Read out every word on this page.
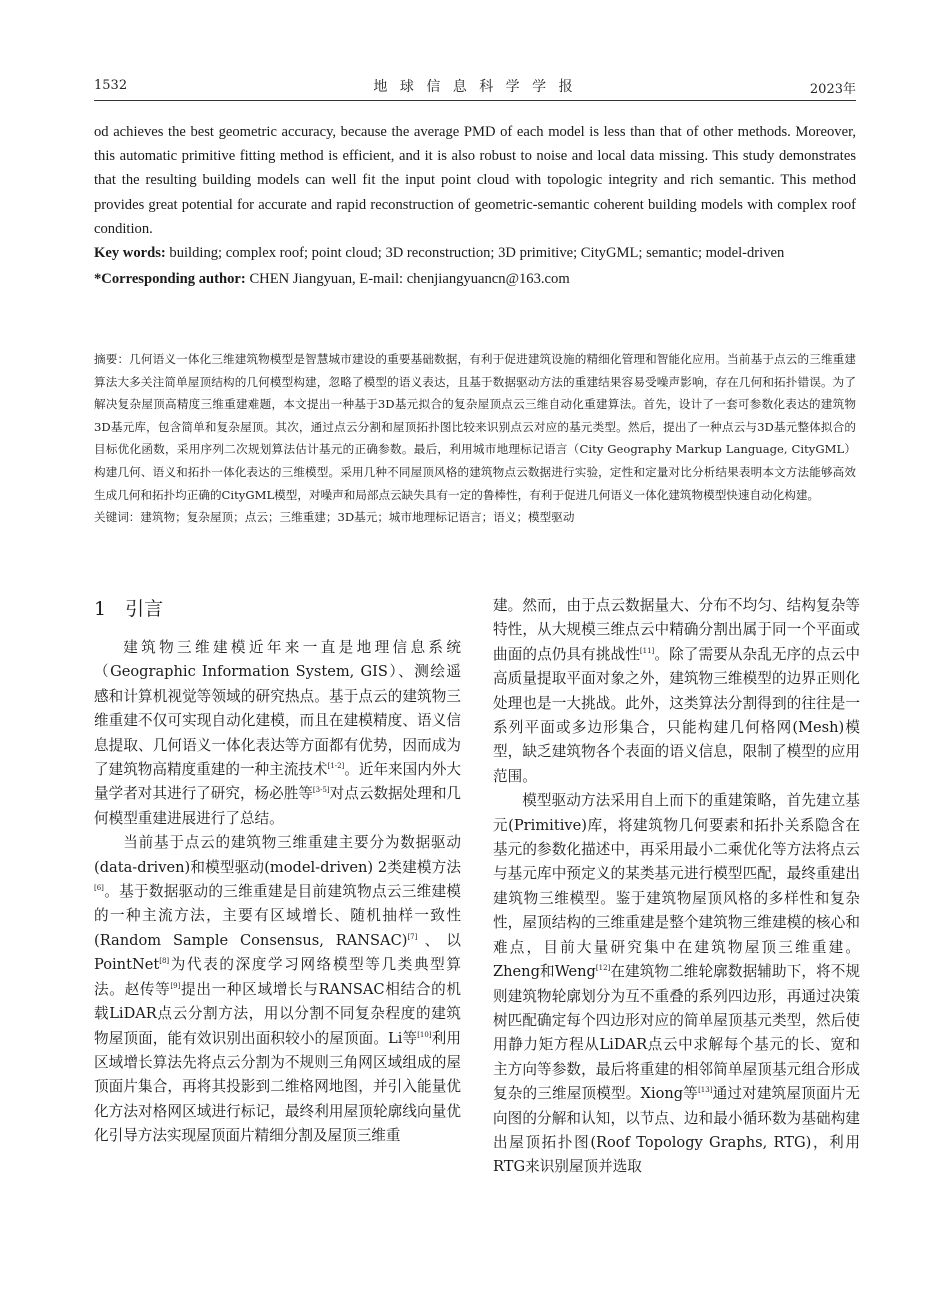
1532	地 球 信 息 科 学 学 报	2023年

od achieves the best geometric accuracy, because the average PMD of each model is less than that of other methods. Moreover, this automatic primitive fitting method is efficient, and it is also robust to noise and local data missing. This study demonstrates that the resulting building models can well fit the input point cloud with topologic integrity and rich semantic. This method provides great potential for accurate and rapid reconstruction of geometric-semantic coherent building models with complex roof condition.

Key words: building; complex roof; point cloud; 3D reconstruction; 3D primitive; CityGML; semantic; model-driven

*Corresponding author: CHEN Jiangyuan, E-mail: chenjiangyuancn@163.com

摘要：几何语义一体化三维建筑物模型是智慧城市建设的重要基础数据，有利于促进建筑设施的精细化管理和智能化应用。当前基于点云的三维重建算法大多关注简单屋顶结构的几何模型构建，忽略了模型的语义表达，且基于数据驱动方法的重建结果容易受噪声影响，存在几何和拓扑错误。为了解决复杂屋顶高精度三维重建难题，本文提出一种基于3D基元拟合的复杂屋顶点云三维自动化重建算法。首先，设计了一套可参数化表达的建筑物3D基元库，包含简单和复杂屋顶。其次，通过点云分割和屋顶拓扑图比较来识别点云对应的基元类型。然后，提出了一种点云与3D基元整体拟合的目标优化函数，采用序列二次规划算法估计基元的正确参数。最后，利用城市地理标记语言（City Geography Markup Language, CityGML）构建几何、语义和拓扑一体化表达的三维模型。采用几种不同屋顶风格的建筑物点云数据进行实验，定性和定量对比分析结果表明本文方法能够高效生成几何和拓扑均正确的CityGML模型，对噪声和局部点云缺失具有一定的鲁棒性，有利于促进几何语义一体化建筑物模型快速自动化构建。

关键词：建筑物；复杂屋顶；点云；三维重建；3D基元；城市地理标记语言；语义；模型驱动

1　引言

建筑物三维建模近年来一直是地理信息系统（Geographic Information System, GIS）、测绘遥感和计算机视觉等领域的研究热点。基于点云的建筑物三维重建不仅可实现自动化建模，而且在建模精度、语义信息提取、几何语义一体化表达等方面都有优势，因而成为了建筑物高精度重建的一种主流技术[1-2]。近年来国内外大量学者对其进行了研究，杨必胜等[3-5]对点云数据处理和几何模型重建进展进行了总结。

当前基于点云的建筑物三维重建主要分为数据驱动(data-driven)和模型驱动(model-driven) 2类建模方法[6]。基于数据驱动的三维重建是目前建筑物点云三维建模的一种主流方法，主要有区域增长、随机抽样一致性 (Random Sample Consensus, RANSAC)[7]、以PointNet[8]为代表的深度学习网络模型等几类典型算法。赵传等[9]提出一种区域增长与RANSAC相结合的机载LiDAR点云分割方法，用以分割不同复杂程度的建筑物屋顶面，能有效识别出面积较小的屋顶面。Li等[10]利用区域增长算法先将点云分割为不规则三角网区域组成的屋顶面片集合，再将其投影到二维格网地图，并引入能量优化方法对格网区域进行标记，最终利用屋顶轮廓线向量优化引导方法实现屋顶面片精细分割及屋顶三维重

建。然而，由于点云数据量大、分布不均匀、结构复杂等特性，从大规模三维点云中精确分割出属于同一个平面或曲面的点仍具有挑战性[11]。除了需要从杂乱无序的点云中高质量提取平面对象之外，建筑物三维模型的边界正则化处理也是一大挑战。此外，这类算法分割得到的往往是一系列平面或多边形集合，只能构建几何格网(Mesh)模型，缺乏建筑物各个表面的语义信息，限制了模型的应用范围。

模型驱动方法采用自上而下的重建策略，首先建立基元(Primitive)库，将建筑物几何要素和拓扑关系隐含在基元的参数化描述中，再采用最小二乘优化等方法将点云与基元库中预定义的某类基元进行模型匹配，最终重建出建筑物三维模型。鉴于建筑物屋顶风格的多样性和复杂性，屋顶结构的三维重建是整个建筑物三维建模的核心和难点，目前大量研究集中在建筑物屋顶三维重建。Zheng和Weng[12]在建筑物二维轮廓数据辅助下，将不规则建筑物轮廓划分为互不重叠的系列四边形，再通过决策树匹配确定每个四边形对应的简单屋顶基元类型，然后使用静力矩方程从LiDAR点云中求解每个基元的长、宽和主方向等参数，最后将重建的相邻简单屋顶基元组合形成复杂的三维屋顶模型。Xiong等[13]通过对建筑屋顶面片无向图的分解和认知，以节点、边和最小循环数为基础构建出屋顶拓扑图(Roof Topology Graphs, RTG)，利用RTG来识别屋顶并选取
